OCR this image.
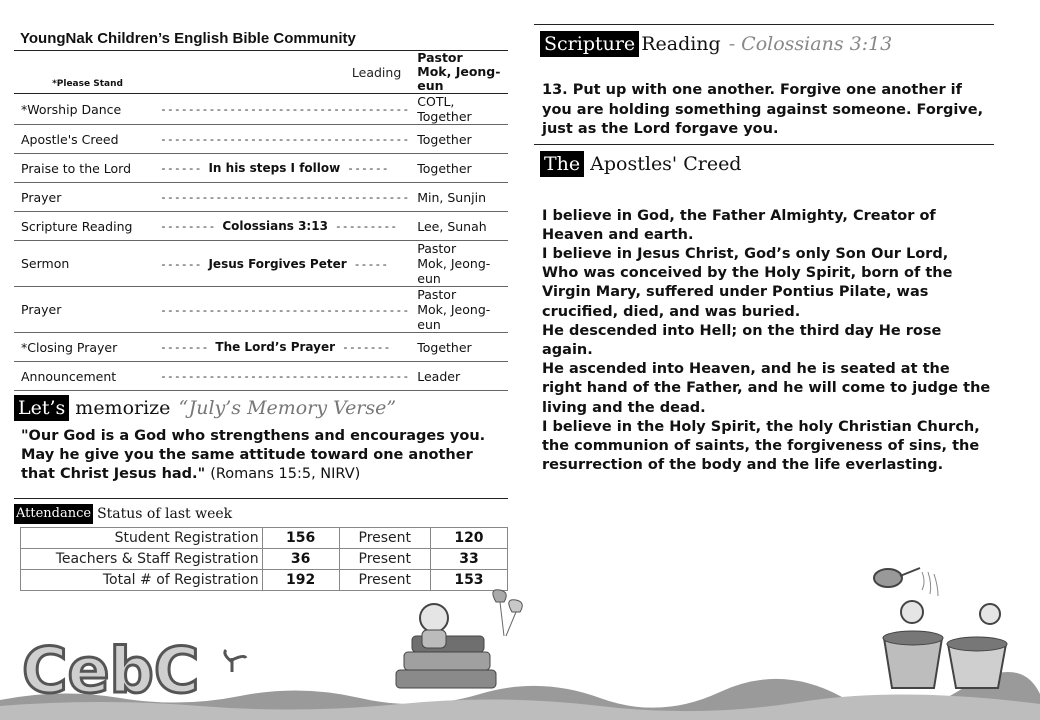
YoungNak Children’s English Bible Community
*Please Stand	Leading	Pastor
Mok, Jeong-eun

*Worship Dance	------------------------------------	COTL, Together
Apostle's Creed	------------------------------------	Together
Praise to the Lord	------ In his steps I follow ------	Together
Prayer	------------------------------------	Min, Sunjin
Scripture Reading	-------- Colossians 3:13 ---------	Lee, Sunah
Sermon	------ Jesus Forgives Peter -----	Pastor
Mok, Jeong-eun

Prayer	------------------------------------	Pastor
Mok, Jeong-eun

*Closing Prayer	------- The Lord’s Prayer -------	Together
Announcement	------------------------------------	Leader
Let’s memorize “July’s Memory Verse”
"Our God is a God who strengthens and encourages you. May he give you the same attitude toward one another that Christ Jesus had." (Romans 15:5, NIRV)
Attendance Status of last week
Student Registration	156	Present	120
Teachers & Staff Registration	36	Present	33
Total # of Registration	192	Present	153
Scripture Reading - Colossians 3:13
13. Put up with one another. Forgive one another if you are holding something against someone. Forgive, just as the Lord forgave you.
The Apostles' Creed
I believe in God, the Father Almighty, Creator of Heaven and earth.
I believe in Jesus Christ, God’s only Son Our Lord,
Who was conceived by the Holy Spirit, born of the Virgin Mary, suffered under Pontius Pilate, was crucified, died, and was buried.
He descended into Hell; on the third day He rose again.
He ascended into Heaven, and he is seated at the right hand of the Father, and he will come to judge the living and the dead.
I believe in the Holy Spirit, the holy Christian Church, the communion of saints, the forgiveness of sins, the resurrection of the body and the life everlasting.
CebC
